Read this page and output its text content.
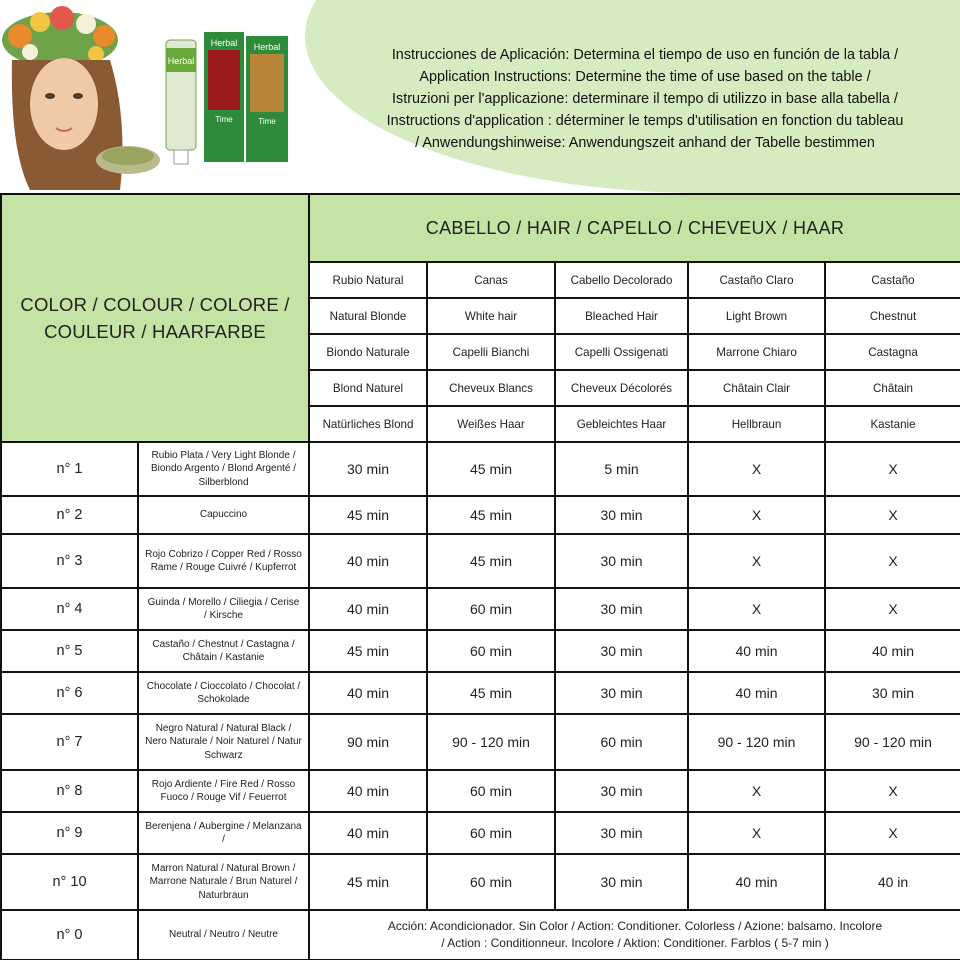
Herbal
Herbal
Time
Herbal
Time
Instrucciones de Aplicación: Determina el tiempo de uso en función de la tabla /
Application Instructions: Determine the time of use based on the table /
Istruzioni per l'applicazione: determinare il tempo di utilizzo in base alla tabella /
Instructions d'application : déterminer le temps d'utilisation en fonction du tableau
/ Anwendungshinweise: Anwendungszeit anhand der Tabelle bestimmen
COLOR / COLOUR / COLORE /
COULEUR / HAARFARBE		CABELLO / HAIR / CAPELLO / CHEVEUX / HAAR				
		Rubio Natural	Canas	Cabello Decolorado	Castaño Claro	Castaño
		Natural Blonde	White hair	Bleached Hair	Light Brown	Chestnut
		Biondo Naturale	Capelli Bianchi	Capelli Ossigenati	Marrone Chiaro	Castagna
		Blond Naturel	Cheveux Blancs	Cheveux Décolorés	Châtain Clair	Châtain
		Natürliches Blond	Weißes Haar	Gebleichtes Haar	Hellbraun	Kastanie
n° 1	Rubio Plata / Very Light Blonde / Biondo Argento / Blond Argenté / Silberblond	30 min	45 min	5 min	X	X
n° 2	Capuccino	45 min	45 min	30 min	X	X
n° 3	Rojo Cobrizo / Copper Red / Rosso Rame / Rouge Cuivré / Kupferrot	40 min	45 min	30 min	X	X
n° 4	Guinda / Morello / Ciliegia / Cerise / Kirsche	40 min	60 min	30 min	X	X
n° 5	Castaño / Chestnut / Castagna / Châtain / Kastanie	45 min	60 min	30 min	40 min	40 min
n° 6	Chocolate / Cioccolato / Chocolat / Schokolade	40 min	45 min	30 min	40 min	30 min
n° 7	Negro Natural / Natural Black / Nero Naturale / Noir Naturel / Natur Schwarz	90 min	90 - 120 min	60 min	90 - 120 min	90 - 120 min
n° 8	Rojo Ardiente / Fire Red / Rosso Fuoco / Rouge Vif / Feuerrot	40 min	60 min	30 min	X	X
n° 9	Berenjena / Aubergine / Melanzana /	40 min	60 min	30 min	X	X
n° 10	Marron Natural / Natural Brown / Marrone Naturale / Brun Naturel / Naturbraun	45 min	60 min	30 min	40 min	40 in
n° 0	Neutral / Neutro / Neutre	Acción: Acondicionador. Sin Color / Action: Conditioner. Colorless / Azione: balsamo. Incolore
/ Action : Conditionneur. Incolore / Aktion: Conditioner. Farblos ( 5-7 min )				
